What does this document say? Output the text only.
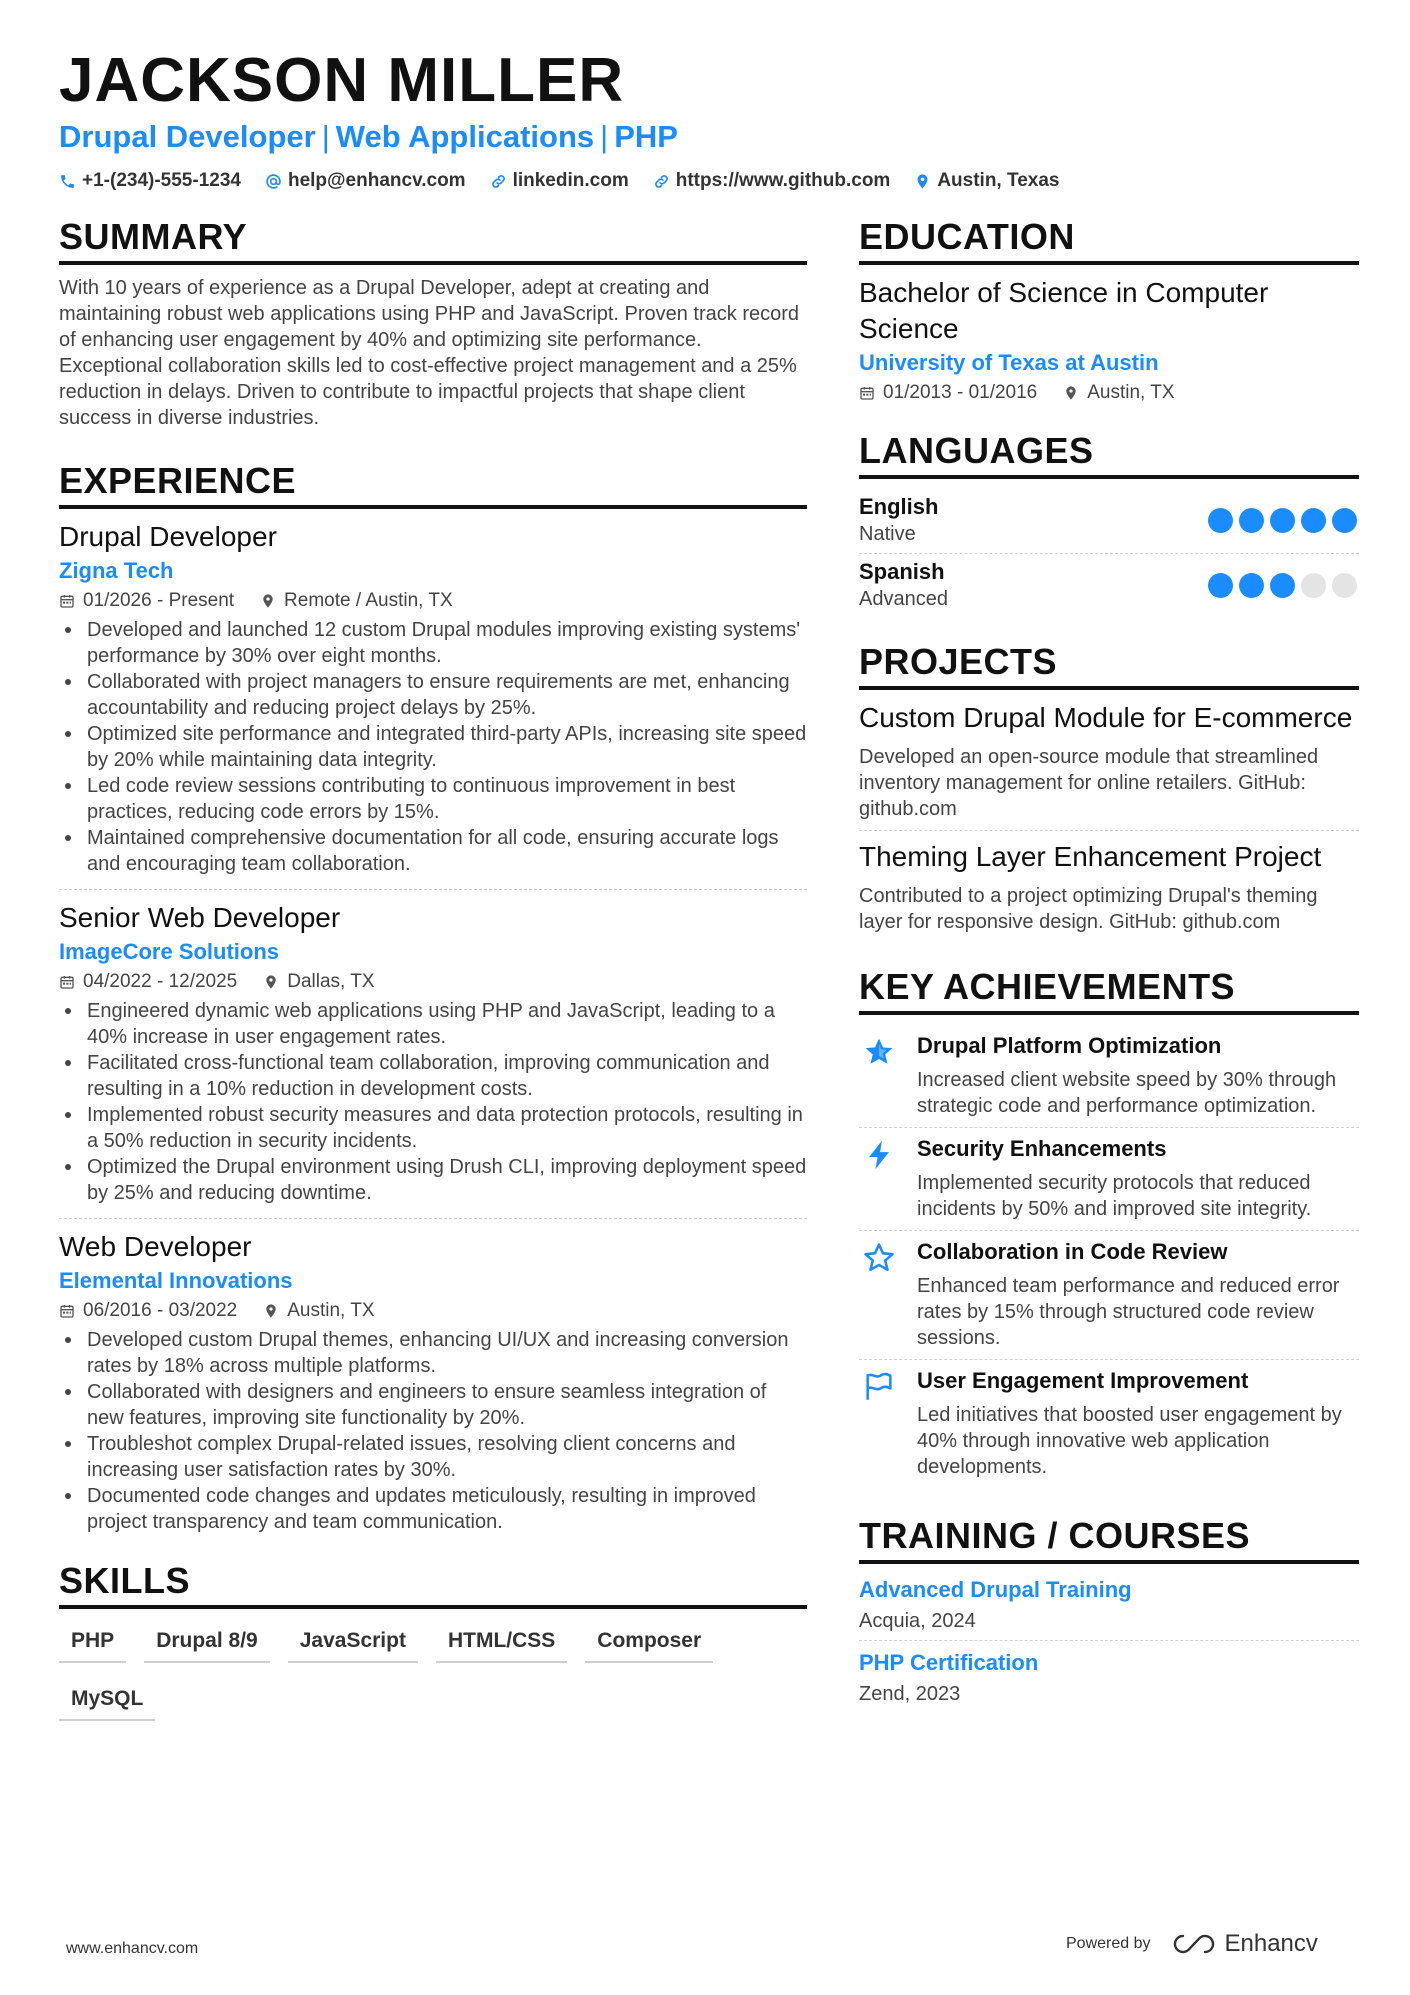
JACKSON MILLER
Drupal Developer | Web Applications | PHP
+1-(234)-555-1234 help@enhancv.com linkedin.com https://www.github.com Austin, Texas
SUMMARY
With 10 years of experience as a Drupal Developer, adept at creating and maintaining robust web applications using PHP and JavaScript. Proven track record of enhancing user engagement by 40% and optimizing site performance. Exceptional collaboration skills led to cost-effective project management and a 25% reduction in delays. Driven to contribute to impactful projects that shape client success in diverse industries.
EXPERIENCE
Drupal Developer
Zigna Tech
01/2026 - Present	Remote / Austin, TX
Developed and launched 12 custom Drupal modules improving existing systems' performance by 30% over eight months.
Collaborated with project managers to ensure requirements are met, enhancing accountability and reducing project delays by 25%.
Optimized site performance and integrated third-party APIs, increasing site speed by 20% while maintaining data integrity.
Led code review sessions contributing to continuous improvement in best practices, reducing code errors by 15%.
Maintained comprehensive documentation for all code, ensuring accurate logs and encouraging team collaboration.
Senior Web Developer
ImageCore Solutions
04/2022 - 12/2025	Dallas, TX
Engineered dynamic web applications using PHP and JavaScript, leading to a 40% increase in user engagement rates.
Facilitated cross-functional team collaboration, improving communication and resulting in a 10% reduction in development costs.
Implemented robust security measures and data protection protocols, resulting in a 50% reduction in security incidents.
Optimized the Drupal environment using Drush CLI, improving deployment speed by 25% and reducing downtime.
Web Developer
Elemental Innovations
06/2016 - 03/2022	Austin, TX
Developed custom Drupal themes, enhancing UI/UX and increasing conversion rates by 18% across multiple platforms.
Collaborated with designers and engineers to ensure seamless integration of new features, improving site functionality by 20%.
Troubleshot complex Drupal-related issues, resolving client concerns and increasing user satisfaction rates by 30%.
Documented code changes and updates meticulously, resulting in improved project transparency and team communication.
SKILLS
PHP	Drupal 8/9	JavaScript	HTML/CSS	Composer
MySQL
EDUCATION
Bachelor of Science in Computer Science
University of Texas at Austin
01/2013 - 01/2016	Austin, TX
LANGUAGES
English
Native
Spanish
Advanced
PROJECTS
Custom Drupal Module for E-commerce
Developed an open-source module that streamlined inventory management for online retailers. GitHub: github.com
Theming Layer Enhancement Project
Contributed to a project optimizing Drupal's theming layer for responsive design. GitHub: github.com
KEY ACHIEVEMENTS
Drupal Platform Optimization
Increased client website speed by 30% through strategic code and performance optimization.
Security Enhancements
Implemented security protocols that reduced incidents by 50% and improved site integrity.
Collaboration in Code Review
Enhanced team performance and reduced error rates by 15% through structured code review sessions.
User Engagement Improvement
Led initiatives that boosted user engagement by 40% through innovative web application developments.
TRAINING / COURSES
Advanced Drupal Training
Acquia, 2024
PHP Certification
Zend, 2023
www.enhancv.com	Powered by	Enhancv
